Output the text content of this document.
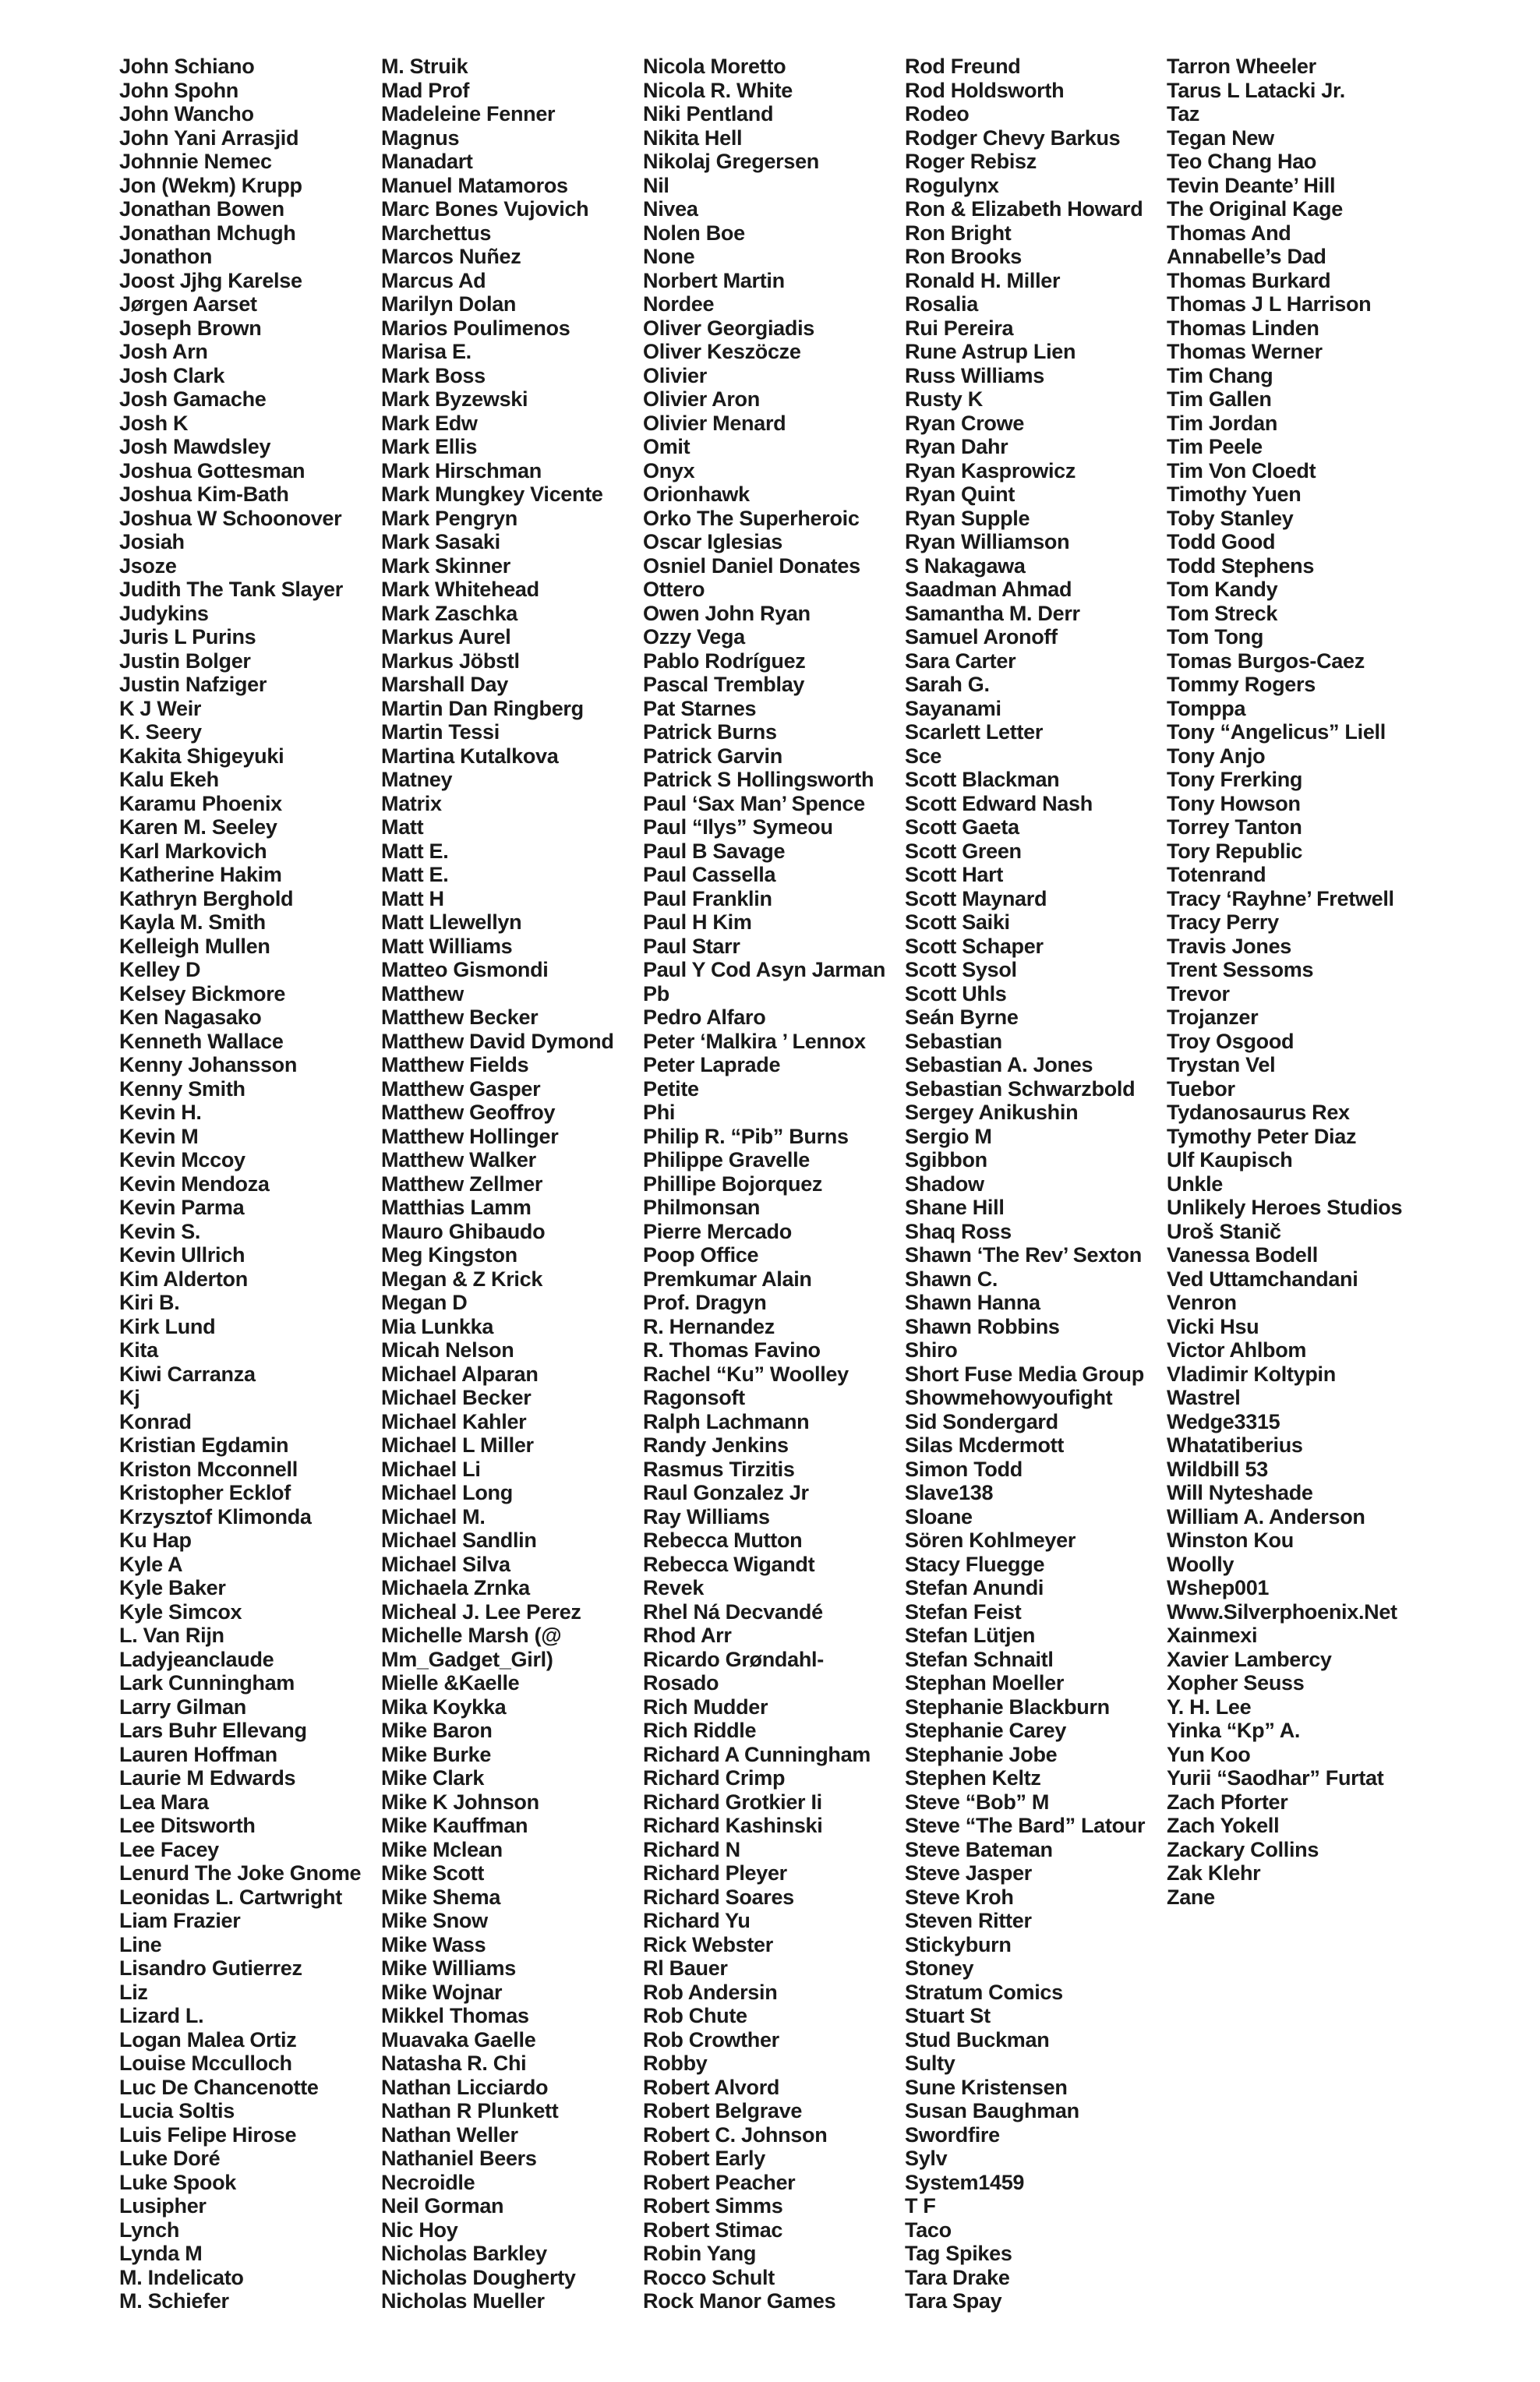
John Schiano
John Spohn
John Wancho
John Yani Arrasjid
Johnnie Nemec
Jon (Wekm) Krupp
Jonathan Bowen
Jonathan Mchugh
Jonathon
Joost Jjhg Karelse
Jørgen Aarset
Joseph Brown
Josh Arn
Josh Clark
Josh Gamache
Josh K
Josh Mawdsley
Joshua Gottesman
Joshua Kim-Bath
Joshua W Schoonover
Josiah
Jsoze
Judith The Tank Slayer
Judykins
Juris L Purins
Justin Bolger
Justin Nafziger
K J Weir
K. Seery
Kakita Shigeyuki
Kalu Ekeh
Karamu Phoenix
Karen M. Seeley
Karl Markovich
Katherine Hakim
Kathryn Berghold
Kayla M. Smith
Kelleigh Mullen
Kelley D
Kelsey Bickmore
Ken Nagasako
Kenneth Wallace
Kenny Johansson
Kenny Smith
Kevin H.
Kevin M
Kevin Mccoy
Kevin Mendoza
Kevin Parma
Kevin S.
Kevin Ullrich
Kim Alderton
Kiri B.
Kirk Lund
Kita
Kiwi Carranza
Kj
Konrad
Kristian Egdamin
Kriston Mcconnell
Kristopher Ecklof
Krzysztof Klimonda
Ku Hap
Kyle A
Kyle Baker
Kyle Simcox
L. Van Rijn
Ladyjeanclaude
Lark Cunningham
Larry Gilman
Lars Buhr Ellevang
Lauren Hoffman
Laurie M Edwards
Lea Mara
Lee Ditsworth
Lee Facey
Lenurd The Joke Gnome
Leonidas L. Cartwright
Liam Frazier
Line
Lisandro Gutierrez
Liz
Lizard L.
Logan Malea Ortiz
Louise Mcculloch
Luc De Chancenotte
Lucia Soltis
Luis Felipe Hirose
Luke Doré
Luke Spook
Lusipher
Lynch
Lynda M
M. Indelicato
M. Schiefer
M. Struik
Mad Prof
Madeleine Fenner
Magnus
Manadart
Manuel Matamoros
Marc Bones Vujovich
Marchettus
Marcos Nuñez
Marcus Ad
Marilyn Dolan
Marios Poulimenos
Marisa E.
Mark Boss
Mark Byzewski
Mark Edw
Mark Ellis
Mark Hirschman
Mark Mungkey Vicente
Mark Pengryn
Mark Sasaki
Mark Skinner
Mark Whitehead
Mark Zaschka
Markus Aurel
Markus Jöbstl
Marshall Day
Martin Dan Ringberg
Martin Tessi
Martina Kutalkova
Matney
Matrix
Matt
Matt E.
Matt E.
Matt H
Matt Llewellyn
Matt Williams
Matteo Gismondi
Matthew
Matthew Becker
Matthew David Dymond
Matthew Fields
Matthew Gasper
Matthew Geoffroy
Matthew Hollinger
Matthew Walker
Matthew Zellmer
Matthias Lamm
Mauro Ghibaudo
Meg Kingston
Megan & Z Krick
Megan D
Mia Lunkka
Micah Nelson
Michael Alparan
Michael Becker
Michael Kahler
Michael L Miller
Michael Li
Michael Long
Michael M.
Michael Sandlin
Michael Silva
Michaela Zrnka
Micheal J. Lee Perez
Michelle Marsh (@
Mm_Gadget_Girl)
Mielle &Kaelle
Mika Koykka
Mike Baron
Mike Burke
Mike Clark
Mike K Johnson
Mike Kauffman
Mike Mclean
Mike Scott
Mike Shema
Mike Snow
Mike Wass
Mike Williams
Mike Wojnar
Mikkel Thomas
Muavaka Gaelle
Natasha R. Chi
Nathan Licciardo
Nathan R Plunkett
Nathan Weller
Nathaniel Beers
Necroidle
Neil Gorman
Nic Hoy
Nicholas Barkley
Nicholas Dougherty
Nicholas Mueller
Nicola Moretto
Nicola R. White
Niki Pentland
Nikita Hell
Nikolaj Gregersen
Nil
Nivea
Nolen Boe
None
Norbert Martin
Nordee
Oliver Georgiadis
Oliver Keszöcze
Olivier
Olivier Aron
Olivier Menard
Omit
Onyx
Orionhawk
Orko The Superheroic
Oscar Iglesias
Osniel Daniel Donates
Ottero
Owen John Ryan
Ozzy Vega
Pablo Rodríguez
Pascal Tremblay
Pat Starnes
Patrick Burns
Patrick Garvin
Patrick S Hollingsworth
Paul ‘Sax Man’ Spence
Paul “Ilys” Symeou
Paul B Savage
Paul Cassella
Paul Franklin
Paul H Kim
Paul Starr
Paul Y Cod Asyn Jarman
Pb
Pedro Alfaro
Peter ‘Malkira ’ Lennox
Peter Laprade
Petite
Phi
Philip R. “Pib” Burns
Philippe Gravelle
Phillipe Bojorquez
Philmonsan
Pierre Mercado
Poop Office
Premkumar Alain
Prof. Dragyn
R. Hernandez
R. Thomas Favino
Rachel “Ku” Woolley
Ragonsoft
Ralph Lachmann
Randy Jenkins
Rasmus Tirzitis
Raul Gonzalez Jr
Ray Williams
Rebecca Mutton
Rebecca Wigandt
Revek
Rhel Ná Decvandé
Rhod Arr
Ricardo Grøndahl-
Rosado
Rich Mudder
Rich Riddle
Richard A Cunningham
Richard Crimp
Richard Grotkier Ii
Richard Kashinski
Richard N
Richard Pleyer
Richard Soares
Richard Yu
Rick Webster
Rl Bauer
Rob Andersin
Rob Chute
Rob Crowther
Robby
Robert Alvord
Robert Belgrave
Robert C. Johnson
Robert Early
Robert Peacher
Robert Simms
Robert Stimac
Robin Yang
Rocco Schult
Rock Manor Games
Rod Freund
Rod Holdsworth
Rodeo
Rodger Chevy Barkus
Roger Rebisz
Rogulynx
Ron & Elizabeth Howard
Ron Bright
Ron Brooks
Ronald H. Miller
Rosalia
Rui Pereira
Rune Astrup Lien
Russ Williams
Rusty K
Ryan Crowe
Ryan Dahr
Ryan Kasprowicz
Ryan Quint
Ryan Supple
Ryan Williamson
S Nakagawa
Saadman Ahmad
Samantha M. Derr
Samuel Aronoff
Sara Carter
Sarah G.
Sayanami
Scarlett Letter
Sce
Scott Blackman
Scott Edward Nash
Scott Gaeta
Scott Green
Scott Hart
Scott Maynard
Scott Saiki
Scott Schaper
Scott Sysol
Scott Uhls
Seán Byrne
Sebastian
Sebastian A. Jones
Sebastian Schwarzbold
Sergey Anikushin
Sergio M
Sgibbon
Shadow
Shane Hill
Shaq Ross
Shawn ‘The Rev’ Sexton
Shawn C.
Shawn Hanna
Shawn Robbins
Shiro
Short Fuse Media Group
Showmehowyoufight
Sid Sondergard
Silas Mcdermott
Simon Todd
Slave138
Sloane
Sören Kohlmeyer
Stacy Fluegge
Stefan Anundi
Stefan Feist
Stefan Lütjen
Stefan Schnaitl
Stephan Moeller
Stephanie Blackburn
Stephanie Carey
Stephanie Jobe
Stephen Keltz
Steve “Bob” M
Steve “The Bard” Latour
Steve Bateman
Steve Jasper
Steve Kroh
Steven Ritter
Stickyburn
Stoney
Stratum Comics
Stuart St
Stud Buckman
Sulty
Sune Kristensen
Susan Baughman
Swordfire
Sylv
System1459
T F
Taco
Tag Spikes
Tara Drake
Tara Spay
Tarron Wheeler
Tarus L Latacki Jr.
Taz
Tegan New
Teo Chang Hao
Tevin Deante’ Hill
The Original Kage
Thomas And
Annabelle’s Dad
Thomas Burkard
Thomas J L Harrison
Thomas Linden
Thomas Werner
Tim Chang
Tim Gallen
Tim Jordan
Tim Peele
Tim Von Cloedt
Timothy Yuen
Toby Stanley
Todd Good
Todd Stephens
Tom Kandy
Tom Streck
Tom Tong
Tomas Burgos-Caez
Tommy Rogers
Tomppa
Tony “Angelicus” Liell
Tony Anjo
Tony Frerking
Tony Howson
Torrey Tanton
Tory Republic
Totenrand
Tracy ‘Rayhne’ Fretwell
Tracy Perry
Travis Jones
Trent Sessoms
Trevor
Trojanzer
Troy Osgood
Trystan Vel
Tuebor
Tydanosaurus Rex
Tymothy Peter Diaz
Ulf Kaupisch
Unkle
Unlikely Heroes Studios
Uroš Stanič
Vanessa Bodell
Ved Uttamchandani
Venron
Vicki Hsu
Victor Ahlbom
Vladimir Koltypin
Wastrel
Wedge3315
Whatatiberius
Wildbill 53
Will Nyteshade
William A. Anderson
Winston Kou
Woolly
Wshep001
Www.Silverphoenix.Net
Xainmexi
Xavier Lambercy
Xopher Seuss
Y. H. Lee
Yinka “Kp” A.
Yun Koo
Yurii “Saodhar” Furtat
Zach Pforter
Zach Yokell
Zackary Collins
Zak Klehr
Zane
